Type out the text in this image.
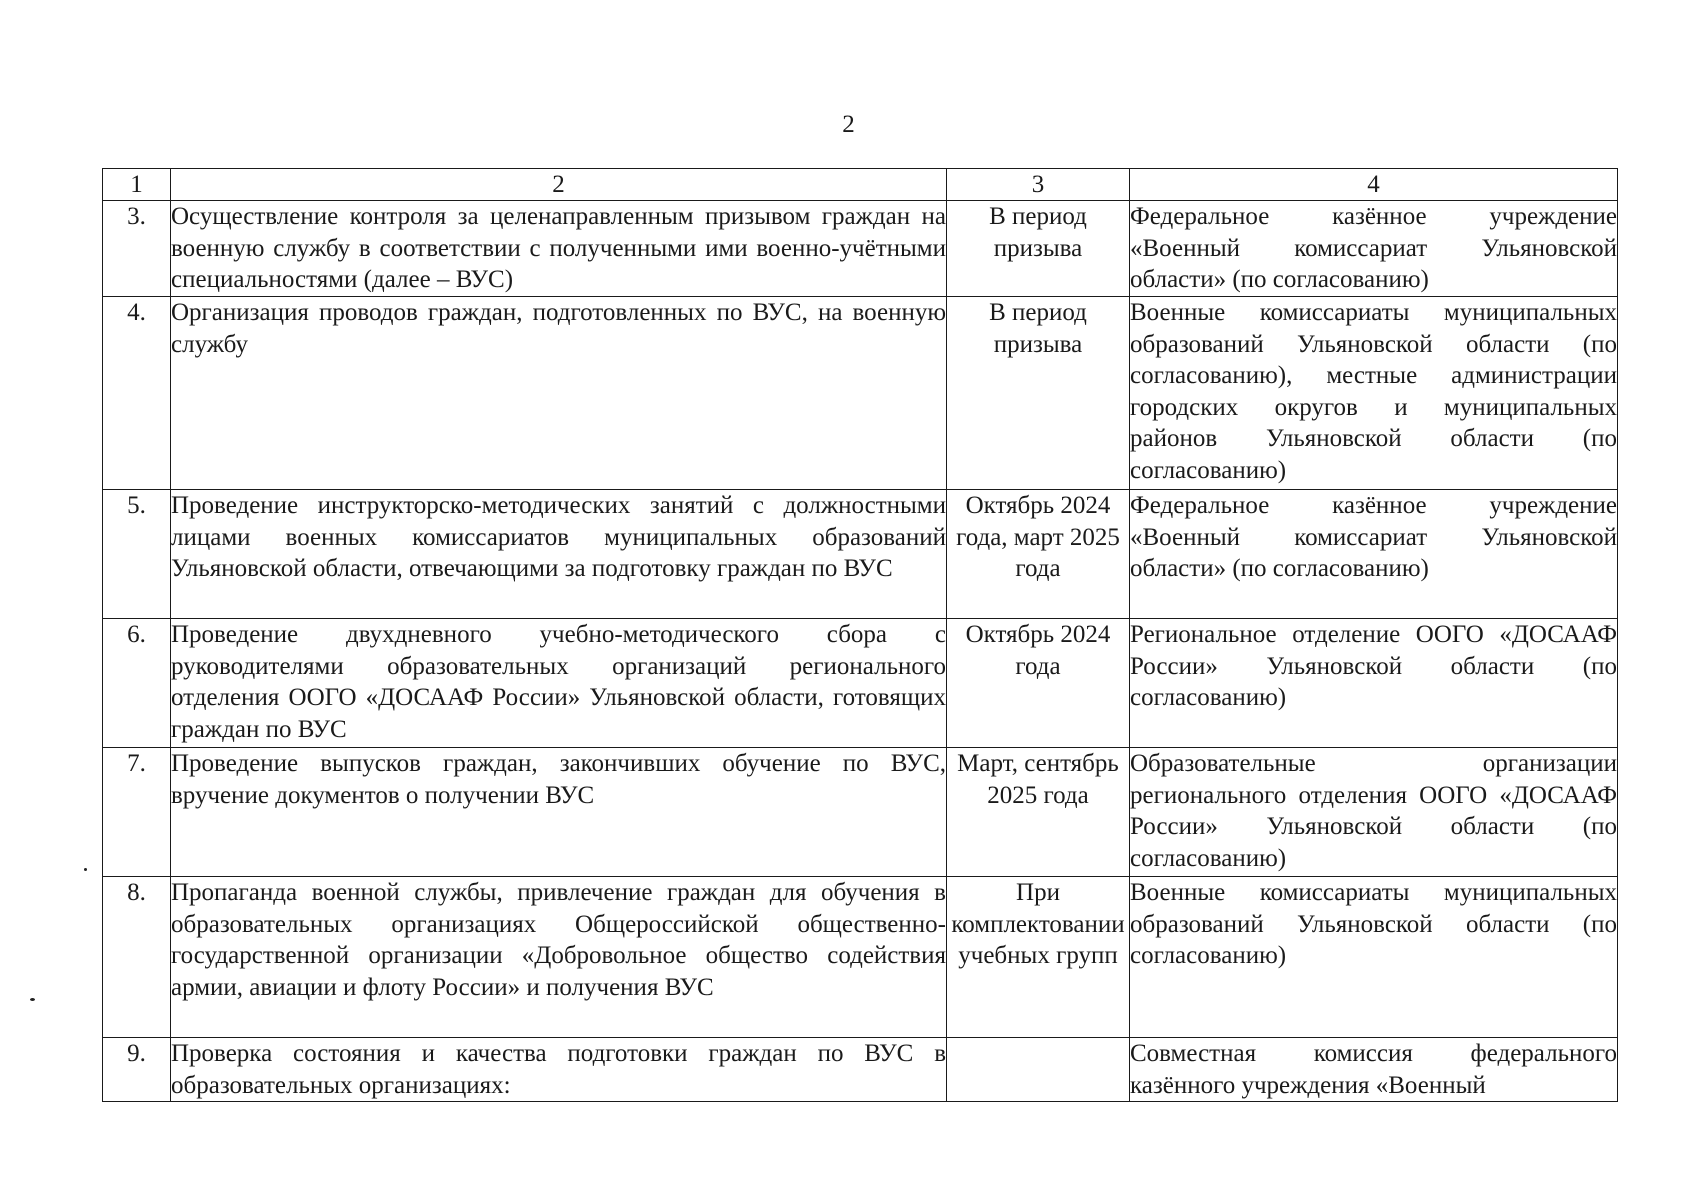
2
1	2	3	4
3.	Осуществление контроля за целенаправленным призывом граждан на военную службу в соответствии с полученными ими военно-учётными специальностями (далее – ВУС)	В период призыва	Федеральное казённое учреждение «Военный комиссариат Ульяновской области» (по согласованию)
4.	Организация проводов граждан, подготовленных по ВУС, на военную службу	В период призыва	Военные комиссариаты муниципальных образований Ульяновской области (по согласованию), местные администрации городских округов и муниципальных районов Ульяновской области (по согласованию)
5.	Проведение инструкторско-методических занятий с должностными лицами военных комиссариатов муниципальных образований Ульяновской области, отвечающими за подготовку граждан по ВУС	Октябрь 2024 года, март 2025 года	Федеральное казённое учреждение «Военный комиссариат Ульяновской области» (по согласованию)
6.	Проведение двухдневного учебно-методического сбора с руководителями образовательных организаций регионального отделения ООГО «ДОСААФ России» Ульяновской области, готовящих граждан по ВУС	Октябрь 2024 года	Региональное отделение ООГО «ДОСААФ России» Ульяновской области (по согласованию)
7.	Проведение выпусков граждан, закончивших обучение по ВУС, вручение документов о получении ВУС	Март, сентябрь 2025 года	Образовательные организации регионального отделения ООГО «ДОСААФ России» Ульяновской области (по согласованию)
8.	Пропаганда военной службы, привлечение граждан для обучения в образовательных организациях Общероссийской общественно-государственной организации «Добровольное общество содействия армии, авиации и флоту России» и получения ВУС	При комплектовании учебных групп	Военные комиссариаты муниципальных образований Ульяновской области (по согласованию)
9.	Проверка состояния и качества подготовки граждан по ВУС в образовательных организациях:		Совместная комиссия федерального казённого учреждения «Военный
